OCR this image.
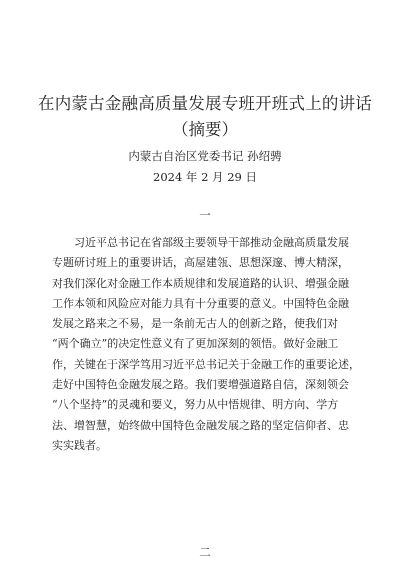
在内蒙古金融高质量发展专班开班式上的讲话
（摘要）
内蒙古自治区党委书记 孙绍骋
2024 年 2 月 29 日
一
习近平总书记在省部级主要领导干部推动金融高质量发展
专题研讨班上的重要讲话，高屋建瓴、思想深邃、博大精深，
对我们深化对金融工作本质规律和发展道路的认识、增强金融
工作本领和风险应对能力具有十分重要的意义。中国特色金融
发展之路来之不易，是一条前无古人的创新之路，使我们对
“两个确立”的决定性意义有了更加深刻的领悟。做好金融工
作，关键在于深学笃用习近平总书记关于金融工作的重要论述，
走好中国特色金融发展之路。我们要增强道路自信，深刻领会
“八个坚持”的灵魂和要义，努力从中悟规律、明方向、学方
法、增智慧，始终做中国特色金融发展之路的坚定信仰者、忠
实实践者。
二
